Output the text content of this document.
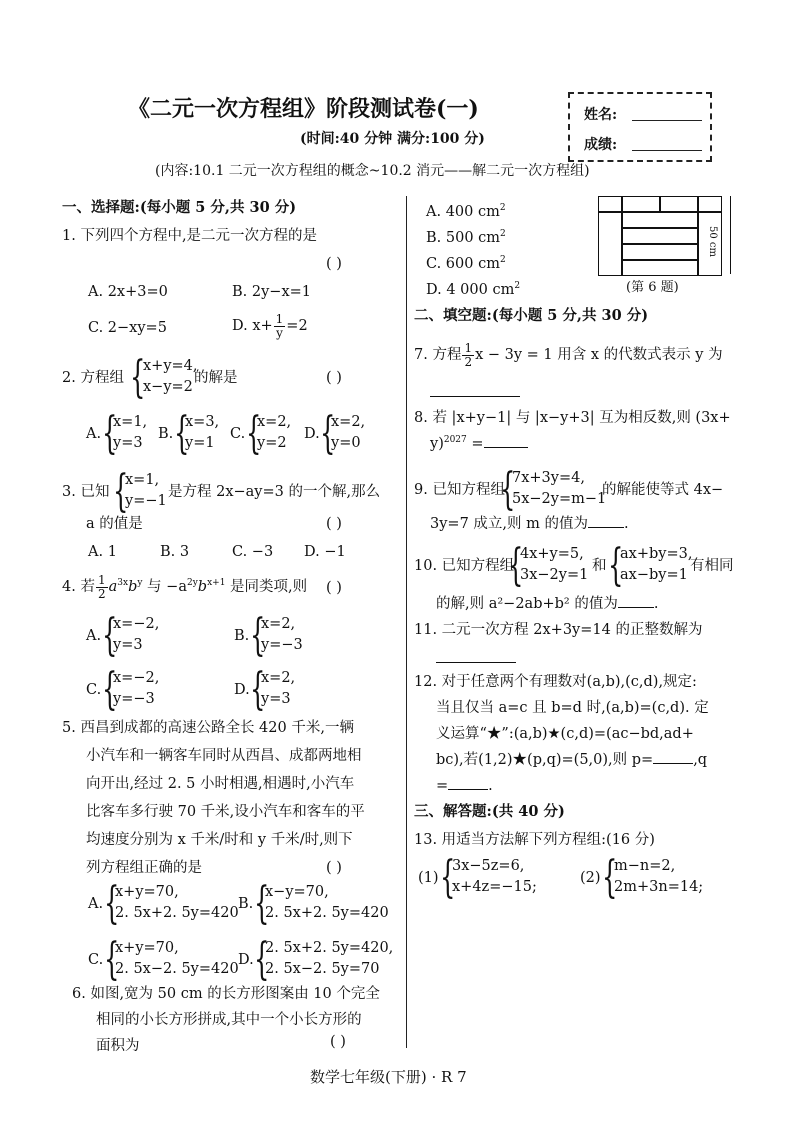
《二元一次方程组》阶段测试卷(一)
(时间:40 分钟 满分:100 分)
(内容:10.1 二元一次方程组的概念~10.2 消元——解二元一次方程组)
姓名:
成绩:
一、选择题:(每小题 5 分,共 30 分)
1. 下列四个方程中,是二元一次方程的是
( )
A. 2x+3=0	B. 2y−x=1
C. 2−xy=5	D. $x+ \frac{1}{y} =2$
2. 方程组 {
x+y=4,
x−y=2
的解是	( )
A. {
x=1,
y=3
B. {
x=3,
y=1
C. {
x=2,
y=2
D. {
x=2,
y=0
3. 已知 {
x=1,
y=−1
是方程 2x−ay=3 的一个解,那么
a 的值是	( )
A. 1	B. 3	C. −3 D. −1
4. 若 $\frac{1}{2} a^{3x}b^y$ 与 $-a^{2y}b^{x+1}$ 是同类项,则 ( )
A. {
x=−2,
y=3
B. {
x=2,
y=−3
C. {
x=−2,
y=−3
D. {
x=2,
y=3
5. 西昌到成都的高速公路全长 420 千米,一辆
小汽车和一辆客车同时从西昌、成都两地相
向开出,经过 2. 5 小时相遇,相遇时,小汽车
比客车多行驶 70 千米,设小汽车和客车的平
均速度分别为 x 千米/时和 y 千米/时,则下
列方程组正确的是	( )
A. {
x+y=70,
2. 5x+2. 5y=420
B. {
x−y=70,
2. 5x+2. 5y=420
C. {
x+y=70,
2. 5x−2. 5y=420
D. {
2. 5x+2. 5y=420,
2. 5x−2. 5y=70
6. 如图,宽为 50 cm 的长方形图案由 10 个完全
相同的小长方形拼成,其中一个小长方形的
面积为	( )
A. 400 $cm^2$
B. 500 $cm^2$
C. 600 $cm^2$
D. 4 000 $cm^2$
50 cm
(第 6 题)
二、填空题:(每小题 5 分,共 30 分)
7. 方程 $\frac{1}{2}$ x − 3y = 1 用含 x 的代数式表示 y 为
8. 若 |x+y−1| 与 |x−y+3| 互为相反数,则 (3x+
y)$^{2027}$ =
9. 已知方程组
{
7x+3y=4,
5x−2y=m−1
的解能使等式 4x−
3y=7 成立,则 m 的值为 .
10. 已知方程组
{
4x+y=5,
3x−2y=1
和 {
ax+by=3,
ax−by=1
有相同
的解,则 a²−2ab+b² 的值为 .
11. 二元一次方程 2x+3y=14 的正整数解为
12. 对于任意两个有理数对(a,b),(c,d),规定:
当且仅当 a=c 且 b=d 时,(a,b)=(c,d). 定
义运算“★”:(a,b)★(c,d)=(ac−bd,ad+
bc),若(1,2)★(p,q)=(5,0),则 p=	,q
=	.
三、解答题:(共 40 分)
13. 用适当方法解下列方程组:(16 分)
(1) {
3x−5z=6,
x+4z=−15;
(2) {
m−n=2,
2m+3n=14;
数学七年级(下册) · R 7
